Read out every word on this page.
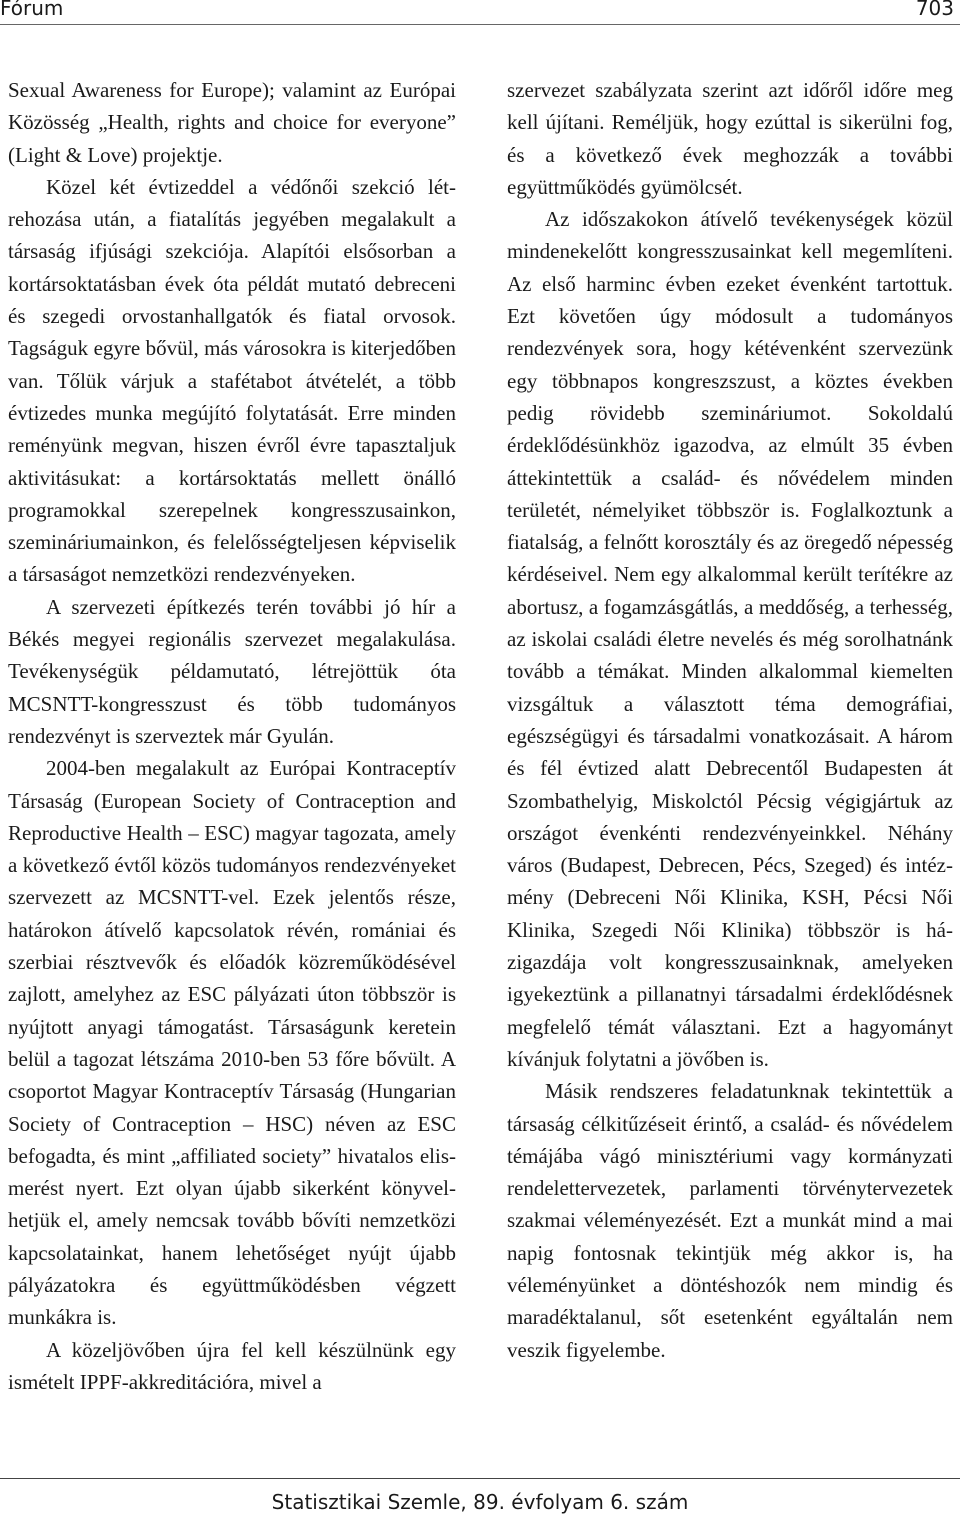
Fórum	703

Sexual Awareness for Europe); valamint az Európai Közösség „Health, rights and choice for everyone” (Light & Love) projektje.

Közel két évtizeddel a védőnői szekció létrehozása után, a fiatalítás jegyében megalakult a társaság ifjúsági szekciója. Alapítói elsősorban a kortársoktatásban évek óta példát mutató debreceni és szegedi orvostanhallgatók és fiatal orvosok. Tagságuk egyre bővül, más városokra is kiterjedőben van. Tőlük várjuk a stafétabot átvételét, a több évtizedes munka megújító folytatását. Erre minden reményünk megvan, hiszen évről évre tapasztaljuk aktivitásukat: a kortársoktatás mellett önálló programokkal szerepelnek kongresszusainkon, szemináriumainkon, és felelősségteljesen képviselik a társaságot nemzetközi rendezvényeken.

A szervezeti építkezés terén további jó hír a Békés megyei regionális szervezet megalakulása. Tevékenységük példamutató, létrejöttük óta MCSNTT-kongresszust és több tudományos rendezvényt is szerveztek már Gyulán.

2004-ben megalakult az Európai Kontraceptív Társaság (European Society of Contraception and Reproductive Health – ESC) magyar tagozata, amely a következő évtől közös tudományos rendezvényeket szervezett az MCSNTT-vel. Ezek jelentős része, határokon átívelő kapcsolatok révén, romániai és szerbiai résztvevők és előadók közreműködésével zajlott, amelyhez az ESC pályázati úton többször is nyújtott anyagi támogatást. Társaságunk keretein belül a tagozat létszáma 2010-ben 53 főre bővült. A csoportot Magyar Kontraceptív Társaság (Hungarian Society of Contraception – HSC) néven az ESC befogadta, és mint „affiliated society” hivatalos elismerést nyert. Ezt olyan újabb sikerként könyvelhetjük el, amely nemcsak tovább bővíti nemzetközi kapcsolatainkat, hanem lehetőséget nyújt újabb pályázatokra és együttműködésben végzett munkákra is.

A közeljövőben újra fel kell készülnünk egy ismételt IPPF-akkreditációra, mivel a

szervezet szabályzata szerint azt időről időre meg kell újítani. Reméljük, hogy ezúttal is sikerülni fog, és a következő évek meghozzák a további együttműködés gyümölcsét.

Az időszakokon átívelő tevékenységek közül mindenekelőtt kongresszusainkat kell megemlíteni. Az első harminc évben ezeket évenként tartottuk. Ezt követően úgy módosult a tudományos rendezvények sora, hogy kétévenként szervezünk egy többnapos kongreszszust, a köztes években pedig rövidebb szemináriumot. Sokoldalú érdeklődésünkhöz igazodva, az elmúlt 35 évben áttekintettük a család- és nővédelem minden területét, némelyiket többször is. Foglalkoztunk a fiatalság, a felnőtt korosztály és az öregedő népesség kérdéseivel. Nem egy alkalommal került terítékre az abortusz, a fogamzásgátlás, a meddőség, a terhesség, az iskolai családi életre nevelés és még sorolhatnánk tovább a témákat. Minden alkalommal kiemelten vizsgáltuk a választott téma demográfiai, egészségügyi és társadalmi vonatkozásait. A három és fél évtized alatt Debrecentől Budapesten át Szombathelyig, Miskolctól Pécsig végigjártuk az országot évenkénti rendezvényeinkkel. Néhány város (Budapest, Debrecen, Pécs, Szeged) és intézmény (Debreceni Női Klinika, KSH, Pécsi Női Klinika, Szegedi Női Klinika) többször is házigazdája volt kongresszusainknak, amelyeken igyekeztünk a pillanatnyi társadalmi érdeklődésnek megfelelő témát választani. Ezt a hagyományt kívánjuk folytatni a jövőben is.

Másik rendszeres feladatunknak tekintettük a társaság célkitűzéseit érintő, a család- és nővédelem témájába vágó minisztériumi vagy kormányzati rendelettervezetek, parlamenti törvénytervezetek szakmai véleményezését. Ezt a munkát mind a mai napig fontosnak tekintjük még akkor is, ha véleményünket a döntéshozók nem mindig és maradéktalanul, sőt esetenként egyáltalán nem veszik figyelembe.

Statisztikai Szemle, 89. évfolyam 6. szám
